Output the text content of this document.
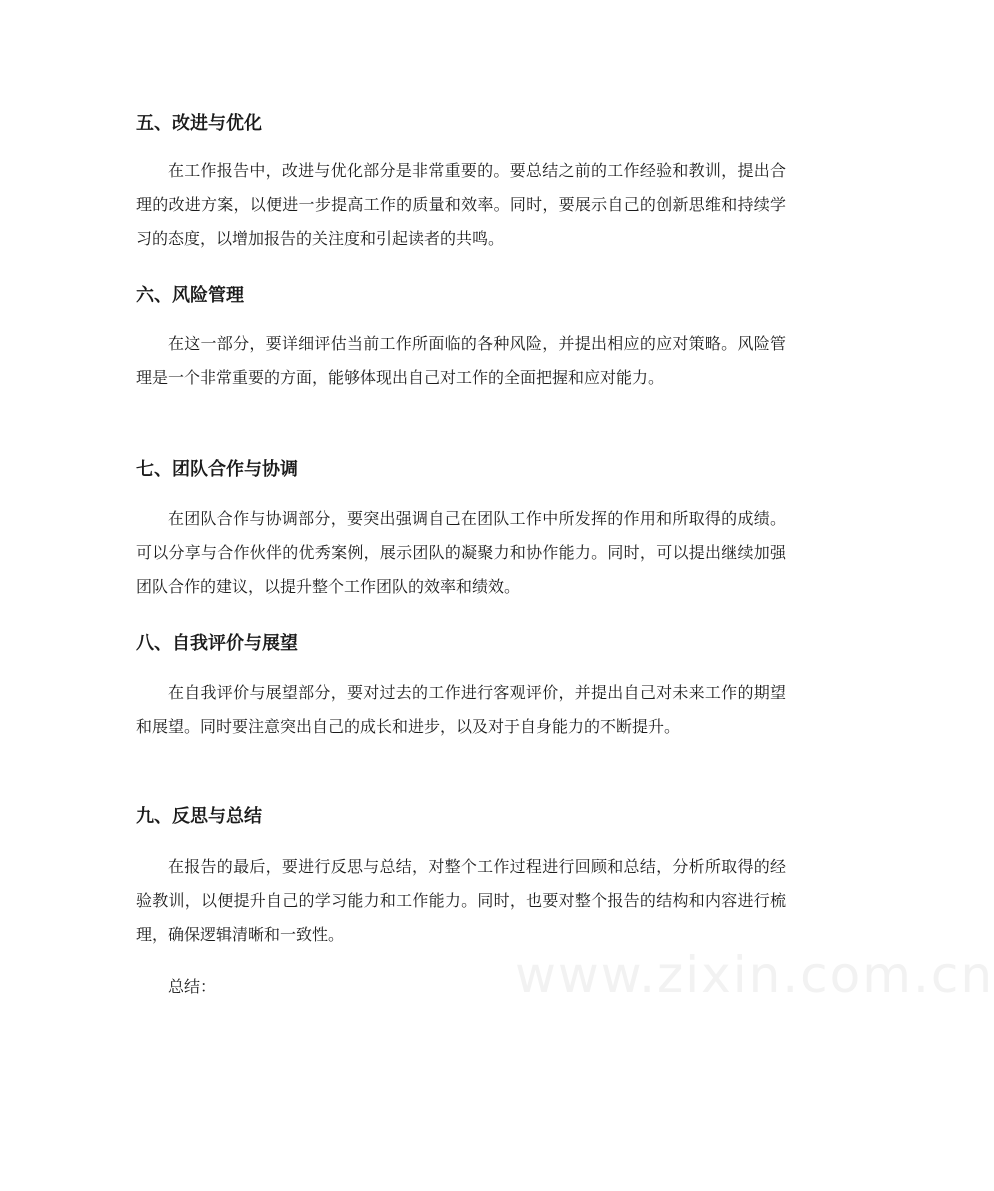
五、改进与优化

在工作报告中，改进与优化部分是非常重要的。要总结之前的工作经验和教训，提出合理的改进方案，以便进一步提高工作的质量和效率。同时，要展示自己的创新思维和持续学习的态度，以增加报告的关注度和引起读者的共鸣。

六、风险管理

在这一部分，要详细评估当前工作所面临的各种风险，并提出相应的应对策略。风险管理是一个非常重要的方面，能够体现出自己对工作的全面把握和应对能力。

七、团队合作与协调

在团队合作与协调部分，要突出强调自己在团队工作中所发挥的作用和所取得的成绩。可以分享与合作伙伴的优秀案例，展示团队的凝聚力和协作能力。同时，可以提出继续加强团队合作的建议，以提升整个工作团队的效率和绩效。

八、自我评价与展望

在自我评价与展望部分，要对过去的工作进行客观评价，并提出自己对未来工作的期望和展望。同时要注意突出自己的成长和进步，以及对于自身能力的不断提升。

九、反思与总结

在报告的最后，要进行反思与总结，对整个工作过程进行回顾和总结，分析所取得的经验教训，以便提升自己的学习能力和工作能力。同时，也要对整个报告的结构和内容进行梳理，确保逻辑清晰和一致性。

总结：	www.zixin.com.cn
